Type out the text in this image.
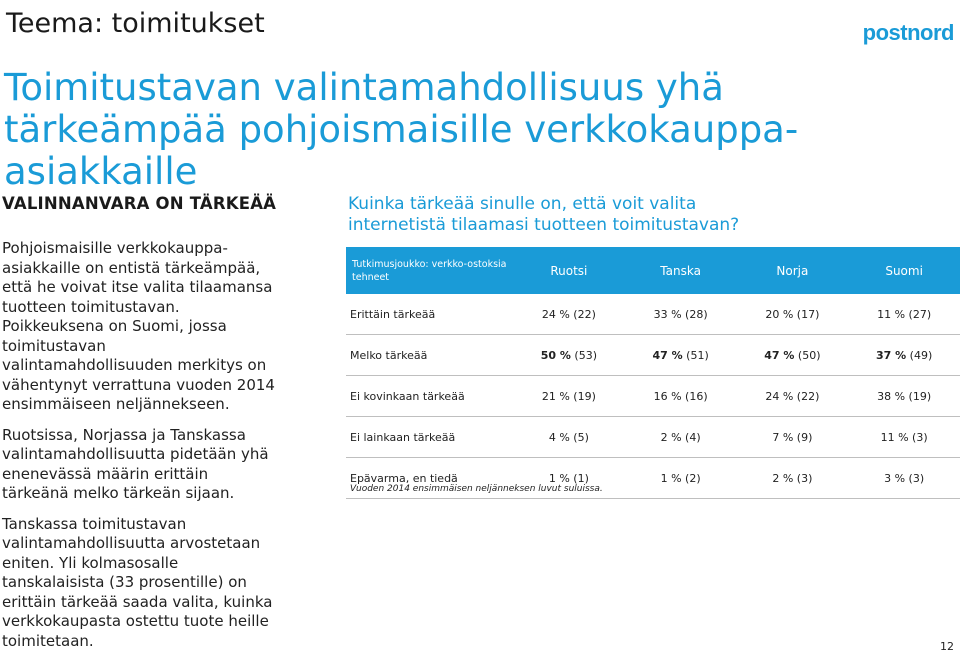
Teema: toimitukset
Toimitustavan valintamahdollisuus yhä tärkeämpää pohjoismaisille verkkokauppa-asiakkaille
postnord
VALINNANVARA ON TÄRKEÄÄ

Pohjoismaisille verkkokauppa-
asiakkaille on entistä tärkeämpää,
että he voivat itse valita tilaamansa
tuotteen toimitustavan.
Poikkeuksena on Suomi, jossa
toimitustavan
valintamahdollisuuden merkitys on
vähentynyt verrattuna vuoden 2014
ensimmäiseen neljännekseen.

Ruotsissa, Norjassa ja Tanskassa
valintamahdollisuutta pidetään yhä
enenevässä määrin erittäin
tärkeänä melko tärkeän sijaan.

Tanskassa toimitustavan
valintamahdollisuutta arvostetaan
eniten. Yli kolmasosalle
tanskalaisista (33 prosentille) on
erittäin tärkeää saada valita, kuinka
verkkokaupasta ostettu tuote heille
toimitetaan.

Kuinka tärkeää sinulle on, että voit valita
internetistä tilaamasi tuotteen toimitustavan?
Tutkimusjoukko: verkko-ostoksia tehneet	Ruotsi	Tanska	Norja	Suomi
Erittäin tärkeää	24 % (22)	33 % (28)	20 % (17)	11 % (27)
Melko tärkeää	50 % (53)	47 % (51)	47 % (50)	37 % (49)
Ei kovinkaan tärkeää	21 % (19)	16 % (16)	24 % (22)	38 % (19)
Ei lainkaan tärkeää	4 % (5)	2 % (4)	7 % (9)	11 % (3)
Epävarma, en tiedä	1 % (1)	1 % (2)	2 % (3)	3 % (3)
Vuoden 2014 ensimmäisen neljänneksen luvut suluissa.
12
